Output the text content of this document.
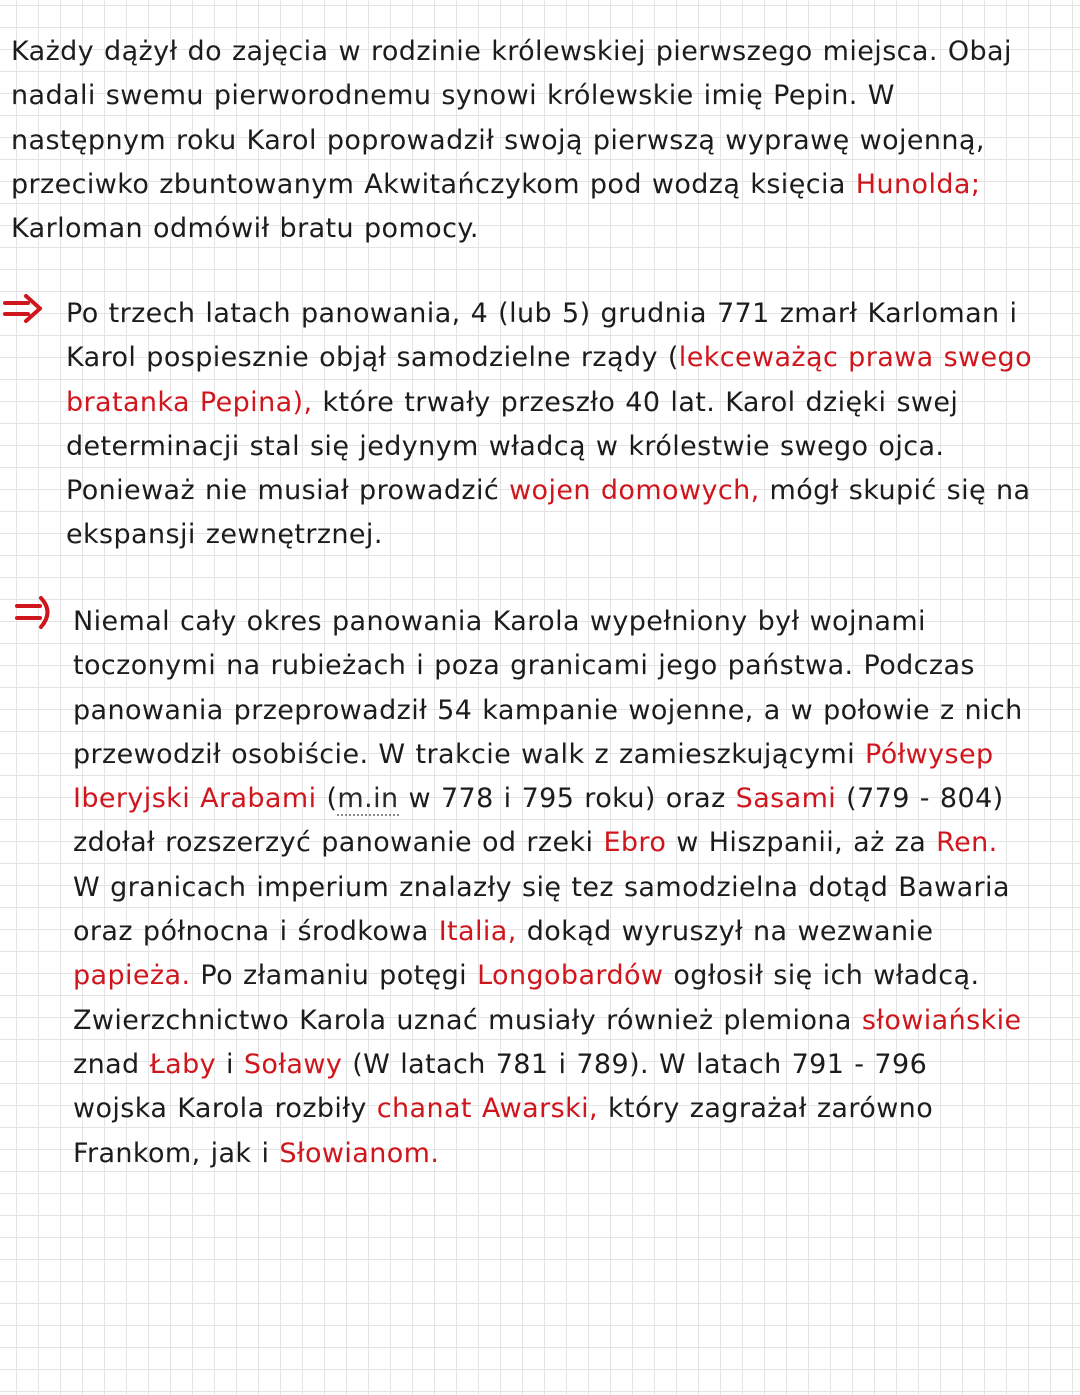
Każdy dążył do zajęcia w rodzinie królewskiej pierwszego miejsca. Obaj
nadali swemu pierworodnemu synowi królewskie imię Pepin. W
następnym roku Karol poprowadził swoją pierwszą wyprawę wojenną,
przeciwko zbuntowanym Akwitańczykom pod wodzą księcia Hunolda;
Karloman odmówił bratu pomocy.
Po trzech latach panowania, 4 (lub 5) grudnia 771 zmarł Karloman i
Karol pospiesznie objął samodzielne rządy (lekceważąc prawa swego
bratanka Pepina), które trwały przeszło 40 lat. Karol dzięki swej
determinacji stal się jedynym władcą w królestwie swego ojca.
Ponieważ nie musiał prowadzić wojen domowych, mógł skupić się na
ekspansji zewnętrznej.
Niemal cały okres panowania Karola wypełniony był wojnami
toczonymi na rubieżach i poza granicami jego państwa. Podczas
panowania przeprowadził 54 kampanie wojenne, a w połowie z nich
przewodził osobiście. W trakcie walk z zamieszkującymi Półwysep
Iberyjski Arabami (m.in w 778 i 795 roku) oraz Sasami (779 - 804)
zdołał rozszerzyć panowanie od rzeki Ebro w Hiszpanii, aż za Ren.
W granicach imperium znalazły się tez samodzielna dotąd Bawaria
oraz północna i środkowa Italia, dokąd wyruszył na wezwanie
papieża. Po złamaniu potęgi Longobardów ogłosił się ich władcą.
Zwierzchnictwo Karola uznać musiały również plemiona słowiańskie
znad Łaby i Soławy (W latach 781 i 789). W latach 791 - 796
wojska Karola rozbiły chanat Awarski, który zagrażał zarówno
Frankom, jak i Słowianom.
